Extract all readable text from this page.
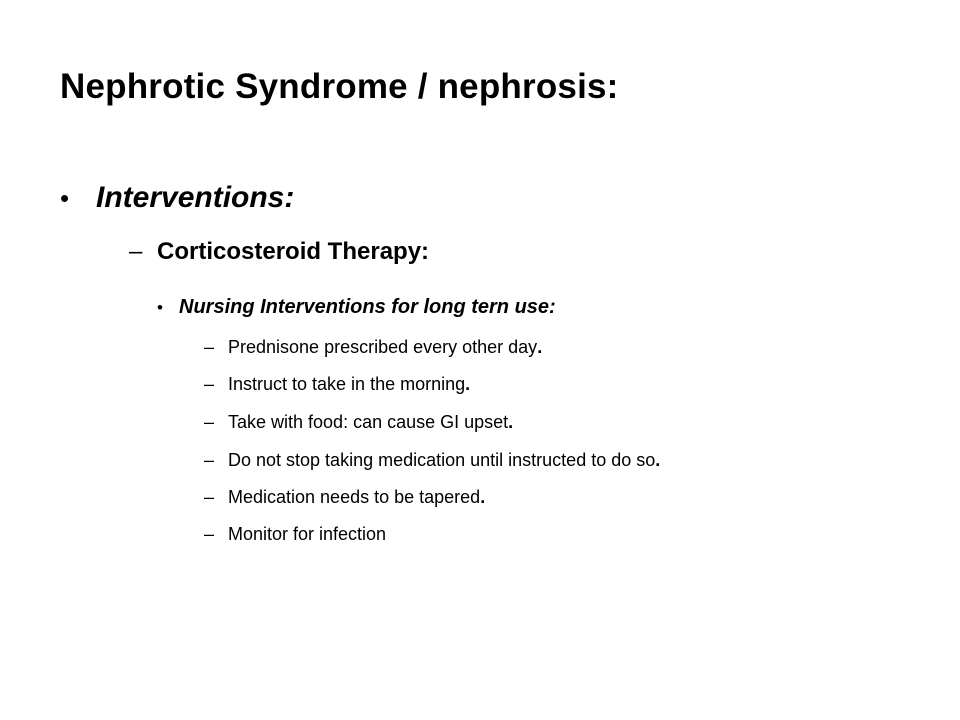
Nephrotic Syndrome / nephrosis:
• Interventions:
– Corticosteroid Therapy:
• Nursing Interventions for long tern use:
– Prednisone prescribed every other day.
– Instruct to take in the morning.
– Take with food: can cause GI upset.
– Do not stop taking medication until instructed to do so.
– Medication needs to be tapered.
– Monitor for infection
